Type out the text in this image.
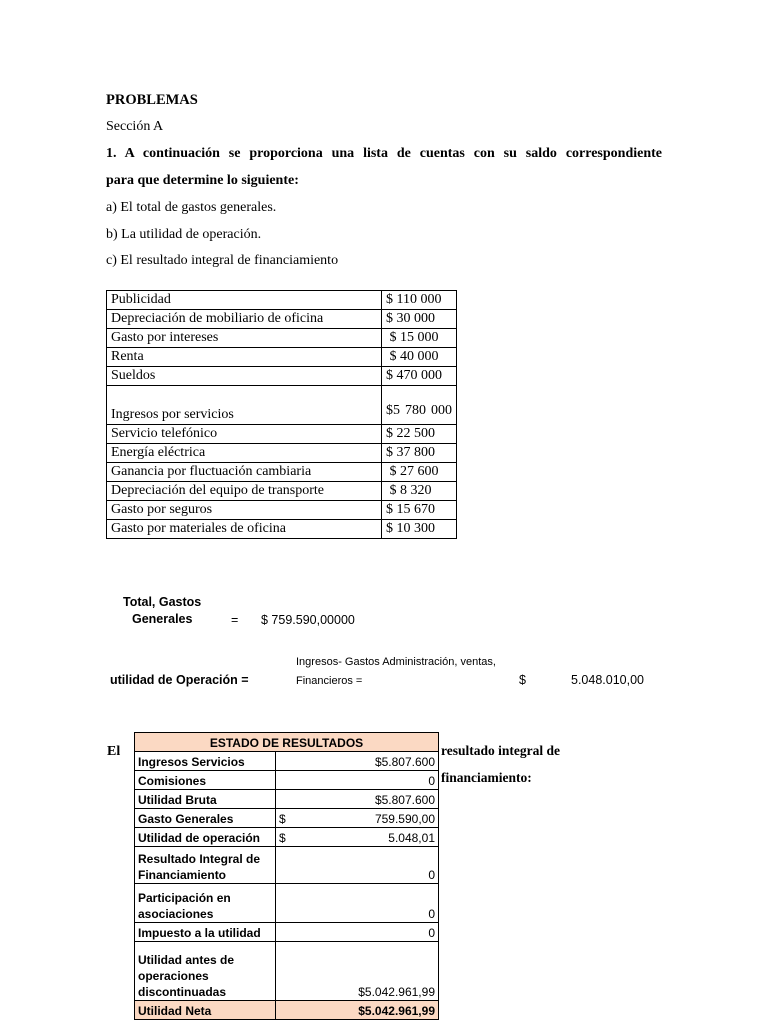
PROBLEMAS
Sección A
1. A continuación se proporciona una lista de cuentas con su saldo correspondiente
para que determine lo siguiente:
a) El total de gastos generales.
b) La utilidad de operación.
c) El resultado integral de financiamiento
Publicidad	$ 110 000
Depreciación de mobiliario de oficina	$ 30 000
Gasto por intereses	$ 15 000
Renta	$ 40 000
Sueldos	$ 470 000
Ingresos por servicios	$5 780 000
Servicio telefónico	$ 22 500
Energía eléctrica	$ 37 800
Ganancia por fluctuación cambiaria	$ 27 600
Depreciación del equipo de transporte	$ 8 320
Gasto por seguros	$ 15 670
Gasto por materiales de oficina	$ 10 300
Total, Gastos
Generales	= $ 759.590,00000
Ingresos- Gastos Administración, ventas,
Financieros =
utilidad de Operación =	$	5.048.010,00
El	resultado integral de
financiamiento:
ESTADO DE RESULTADOS		
Ingresos Servicios	$5.807.600	
Comisiones	0	
Utilidad Bruta	$5.807.600	
Gasto Generales	$	759.590,00
Utilidad de operación	$	5.048,01

Resultado Integral de
Financiamiento	0	

Participación en
asociaciones	0	
Impuesto a la utilidad	0	

Utilidad antes de
operaciones
discontinuadas	$5.042.961,99	
Utilidad Neta	$5.042.961,99	
